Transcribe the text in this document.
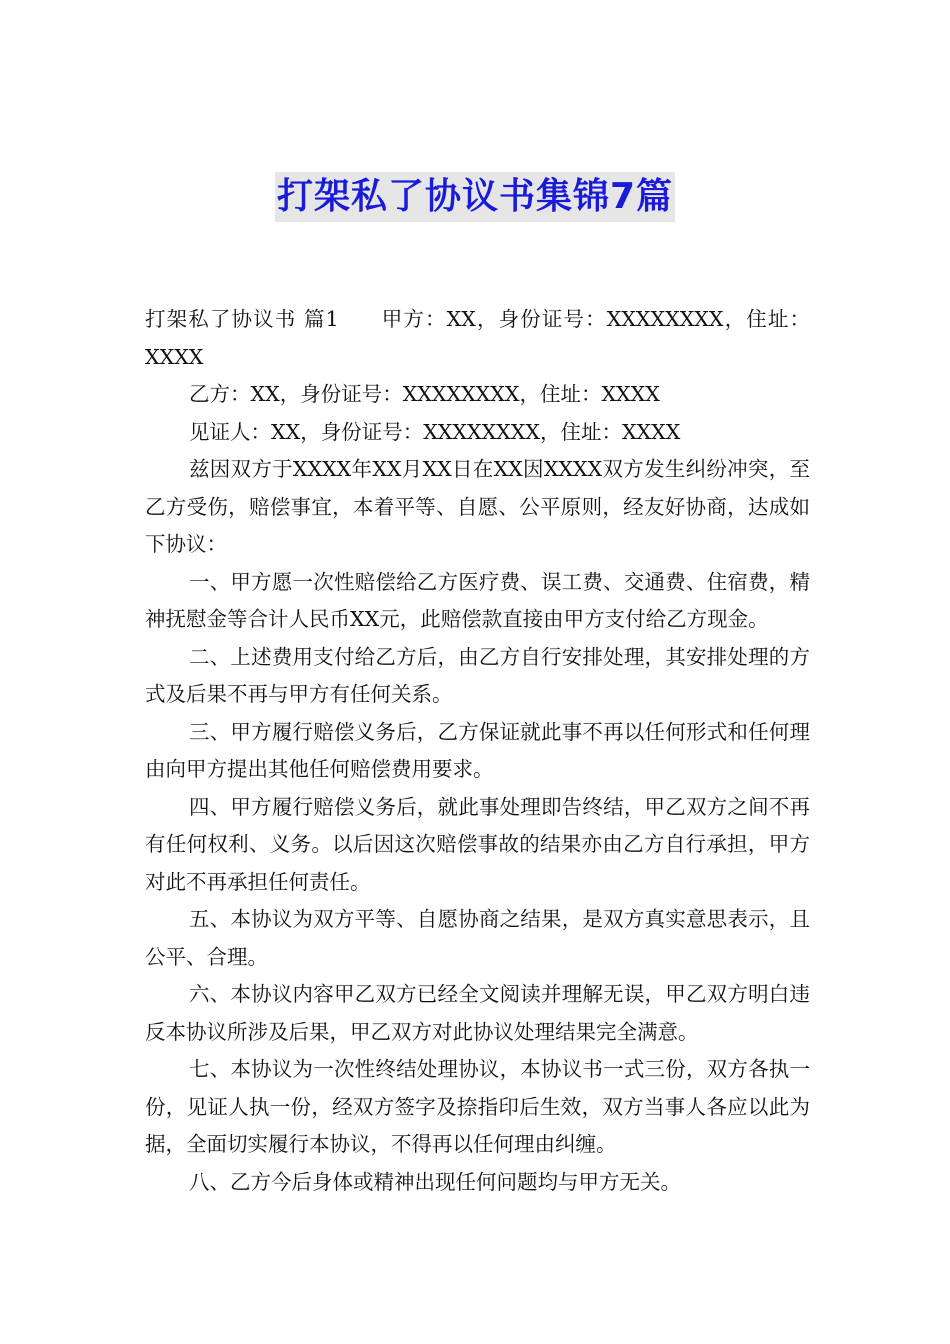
打架私了协议书集锦7篇

打架私了协议书 篇1 甲方：XX，身份证号：XXXXXXXX，住址：XXXX

乙方：XX，身份证号：XXXXXXXX，住址：XXXX

见证人：XX，身份证号：XXXXXXXX，住址：XXXX

兹因双方于XXXX年XX月XX日在XX因XXXX双方发生纠纷冲突，至乙方受伤，赔偿事宜，本着平等、自愿、公平原则，经友好协商，达成如下协议：

一、甲方愿一次性赔偿给乙方医疗费、误工费、交通费、住宿费，精神抚慰金等合计人民币XX元，此赔偿款直接由甲方支付给乙方现金。

二、上述费用支付给乙方后，由乙方自行安排处理，其安排处理的方式及后果不再与甲方有任何关系。

三、甲方履行赔偿义务后，乙方保证就此事不再以任何形式和任何理由向甲方提出其他任何赔偿费用要求。

四、甲方履行赔偿义务后，就此事处理即告终结，甲乙双方之间不再有任何权利、义务。以后因这次赔偿事故的结果亦由乙方自行承担，甲方对此不再承担任何责任。

五、本协议为双方平等、自愿协商之结果，是双方真实意思表示，且公平、合理。

六、本协议内容甲乙双方已经全文阅读并理解无误，甲乙双方明白违反本协议所涉及后果，甲乙双方对此协议处理结果完全满意。

七、本协议为一次性终结处理协议，本协议书一式三份，双方各执一份，见证人执一份，经双方签字及捺指印后生效，双方当事人各应以此为据，全面切实履行本协议，不得再以任何理由纠缠。

八、乙方今后身体或精神出现任何问题均与甲方无关。
